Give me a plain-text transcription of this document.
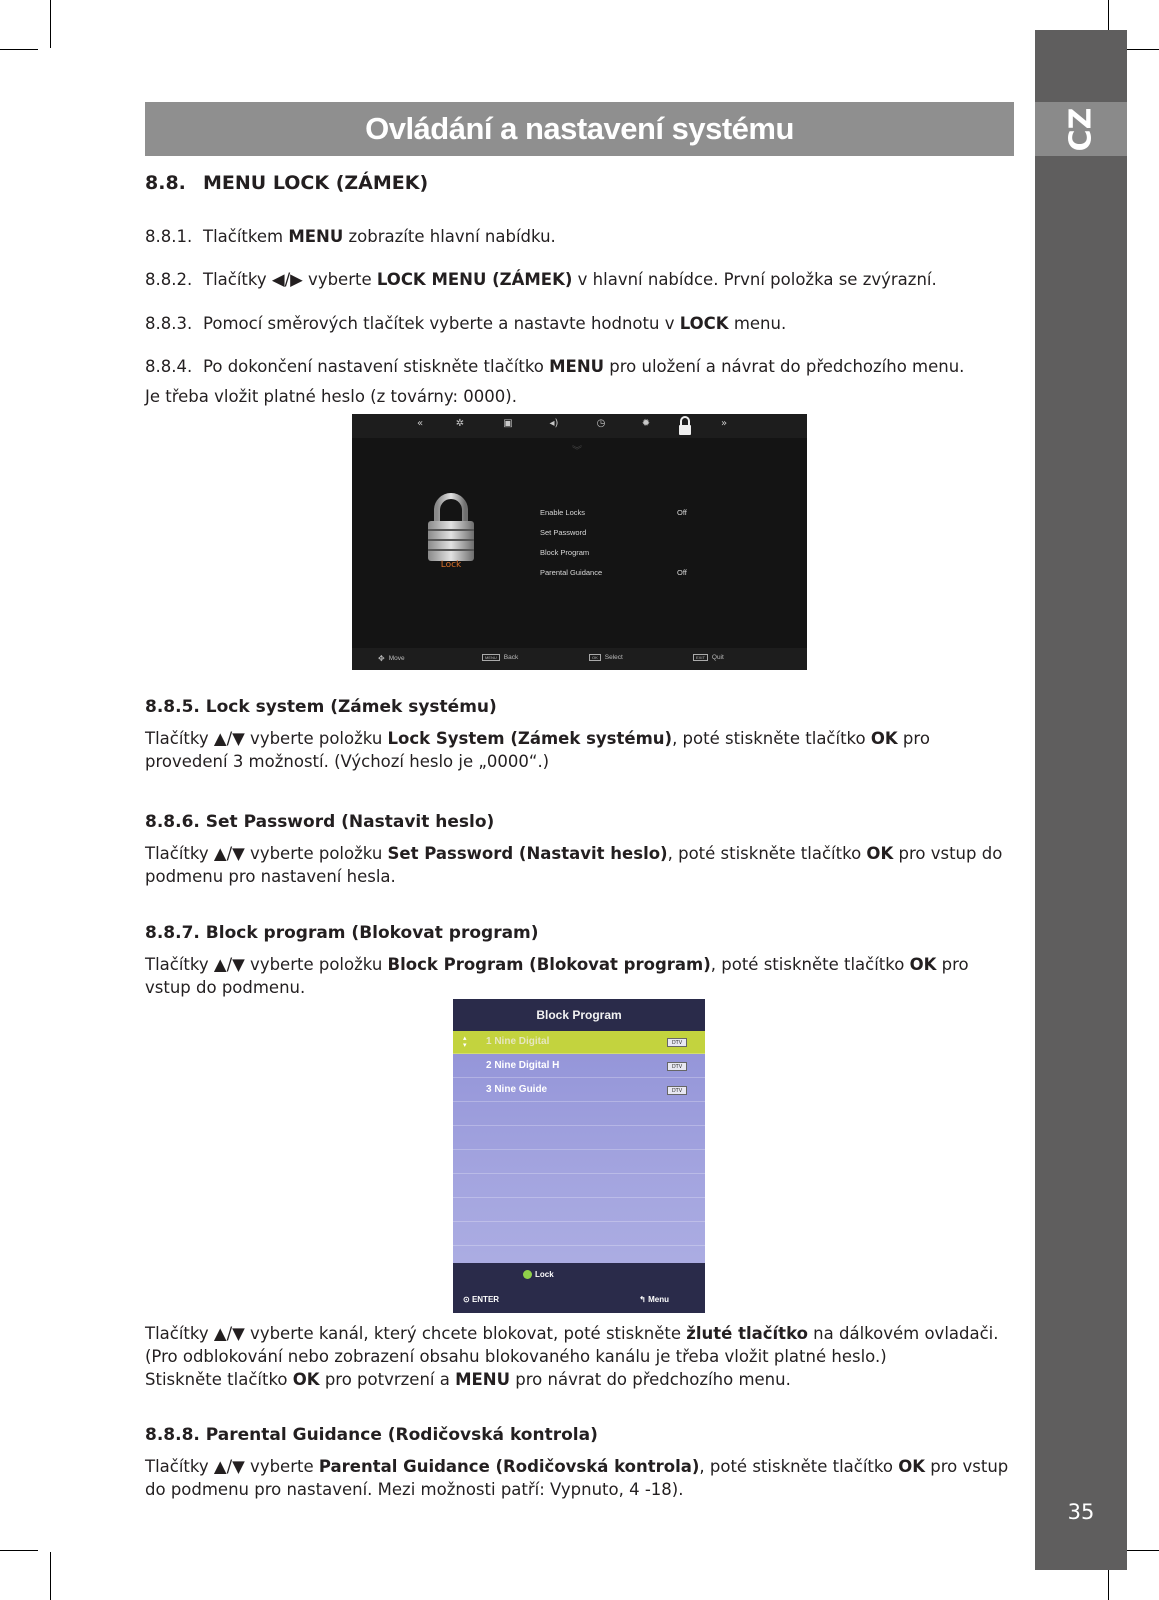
CZ
35
Ovládání a nastavení systému
8.8. MENU LOCK (ZÁMEK)
8.8.1. Tlačítkem MENU zobrazíte hlavní nabídku.
8.8.2. Tlačítky ◀/▶ vyberte LOCK MENU (ZÁMEK) v hlavní nabídce. První položka se zvýrazní.
8.8.3. Pomocí směrových tlačítek vyberte a nastavte hodnotu v LOCK menu.
8.8.4. Po dokončení nastavení stiskněte tlačítko MENU pro uložení a návrat do předchozího menu.
Je třeba vložit platné heslo (z továrny: 0000).
«	✲	▣	◂)	◷	✹	»
︾
Lock
Enable Locks	Off
Set Password
Block Program
Parental Guidance	Off
✥ Move	MENU	Back	OK	Select	EXIT	Quit
8.8.5. Lock system (Zámek systému)
Tlačítky ▲/▼ vyberte položku Lock System (Zámek systému), poté stiskněte tlačítko OK pro provedení 3 možností. (Výchozí heslo je „0000“.)
8.8.6. Set Password (Nastavit heslo)
Tlačítky ▲/▼ vyberte položku Set Password (Nastavit heslo), poté stiskněte tlačítko OK pro vstup do podmenu pro nastavení hesla.
8.8.7. Block program (Blokovat program)
Tlačítky ▲/▼ vyberte položku Block Program (Blokovat program), poté stiskněte tlačítko OK pro vstup do podmenu.
Block Program
▴
▾ 1 Nine Digital	DTV
2 Nine Digital H	DTV
3 Nine Guide	DTV
Lock
⊙ ENTER	↰ Menu
Tlačítky ▲/▼ vyberte kanál, který chcete blokovat, poté stiskněte žluté tlačítko na dálkovém ovladači.
(Pro odblokování nebo zobrazení obsahu blokovaného kanálu je třeba vložit platné heslo.)
Stiskněte tlačítko OK pro potvrzení a MENU pro návrat do předchozího menu.
8.8.8. Parental Guidance (Rodičovská kontrola)
Tlačítky ▲/▼ vyberte Parental Guidance (Rodičovská kontrola), poté stiskněte tlačítko OK pro vstup do podmenu pro nastavení. Mezi možnosti patří: Vypnuto, 4 -18).
